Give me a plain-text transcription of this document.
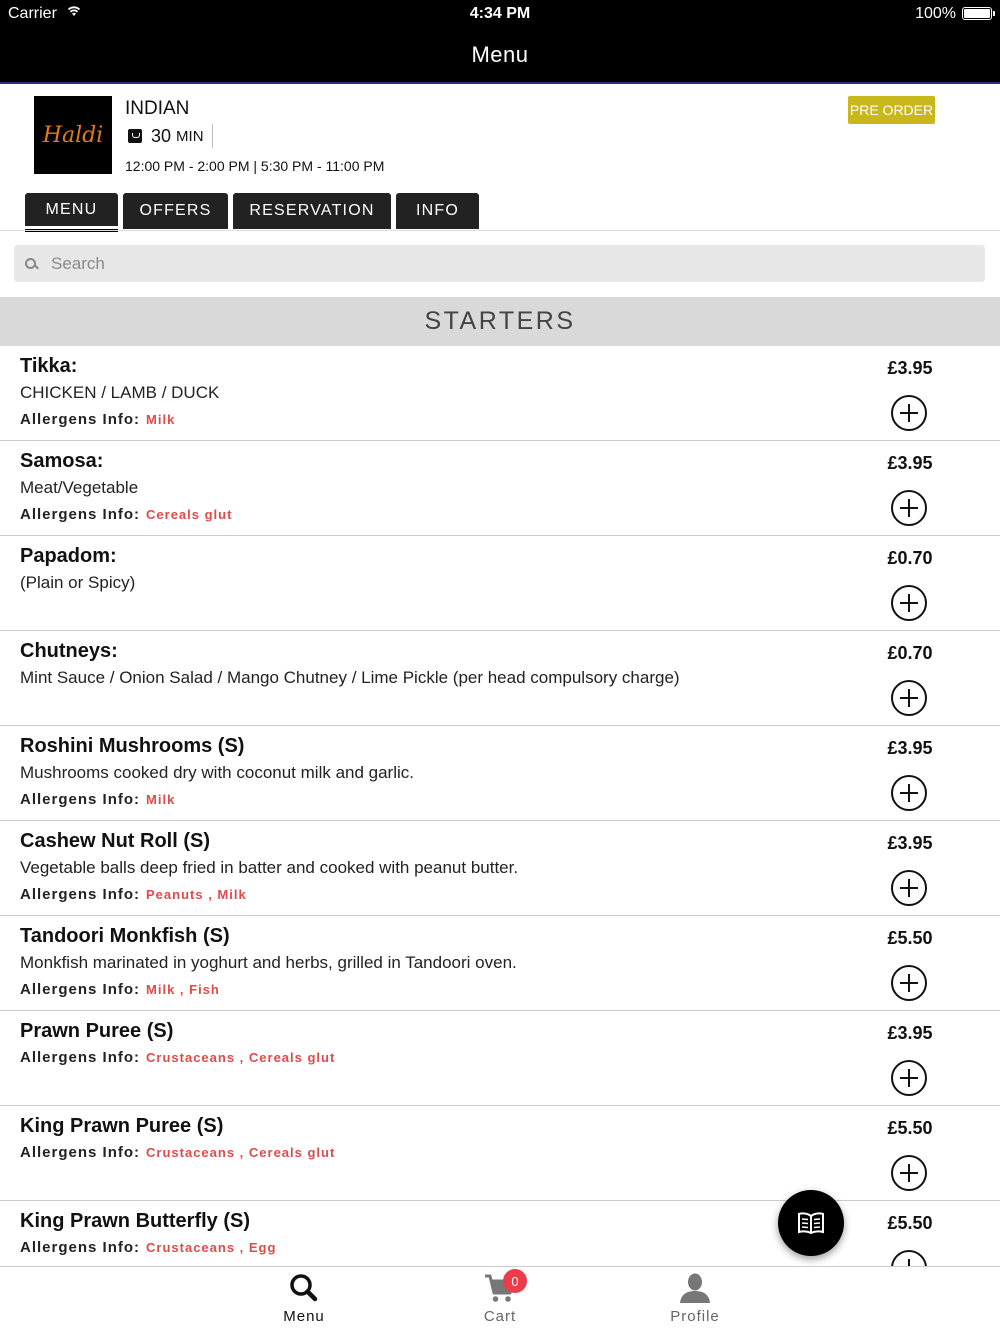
Carrier	4:34 PM	100%
Menu
Haldi
INDIAN
30 MIN
12:00 PM - 2:00 PM | 5:30 PM - 11:00 PM
PRE ORDER
MENU	OFFERS	RESERVATION	INFO
Search
STARTERS
Tikka:
CHICKEN / LAMB / DUCK
Allergens Info: Milk
£3.95
Samosa:
Meat/Vegetable
Allergens Info: Cereals glut
£3.95
Papadom:
(Plain or Spicy)
£0.70
Chutneys:
Mint Sauce / Onion Salad / Mango Chutney / Lime Pickle (per head compulsory charge)
£0.70
Roshini Mushrooms (S)
Mushrooms cooked dry with coconut milk and garlic.
Allergens Info: Milk
£3.95
Cashew Nut Roll (S)
Vegetable balls deep fried in batter and cooked with peanut butter.
Allergens Info: Peanuts , Milk
£3.95
Tandoori Monkfish (S)
Monkfish marinated in yoghurt and herbs, grilled in Tandoori oven.
Allergens Info: Milk , Fish
£5.50
Prawn Puree (S)
Allergens Info: Crustaceans , Cereals glut
£3.95
King Prawn Puree (S)
Allergens Info: Crustaceans , Cereals glut
£5.50
King Prawn Butterfly (S)
Allergens Info: Crustaceans , Egg
£5.50
Menu	Cart	Profile
0
